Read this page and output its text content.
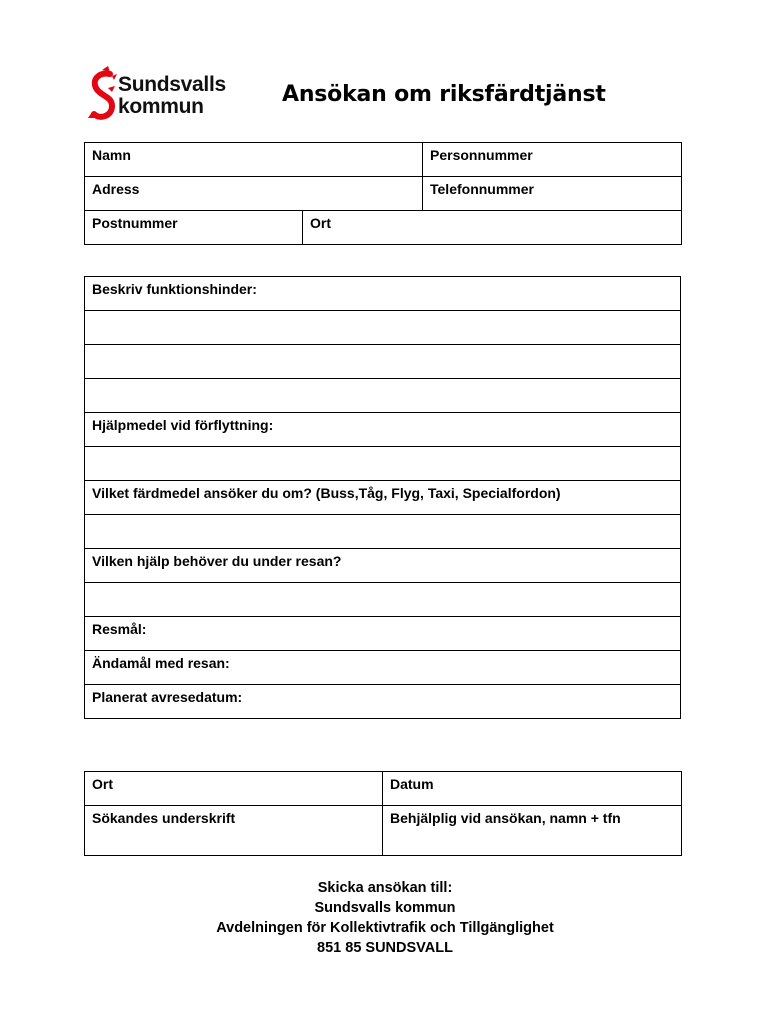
Sundsvalls
kommun	Ansökan om riksfärdtjänst
Namn		Personnummer
Adress		Telefonnummer
Postnummer	Ort	
Beskriv funktionshinder:

Hjälpmedel vid förflyttning:

Vilket färdmedel ansöker du om? (Buss,Tåg, Flyg, Taxi, Specialfordon)

Vilken hjälp behöver du under resan?

Resmål:
Ändamål med resan:
Planerat avresedatum:
Ort	Datum
Sökandes underskrift	Behjälplig vid ansökan, namn + tfn
Skicka ansökan till:
Sundsvalls kommun
Avdelningen för Kollektivtrafik och Tillgänglighet
851 85 SUNDSVALL
